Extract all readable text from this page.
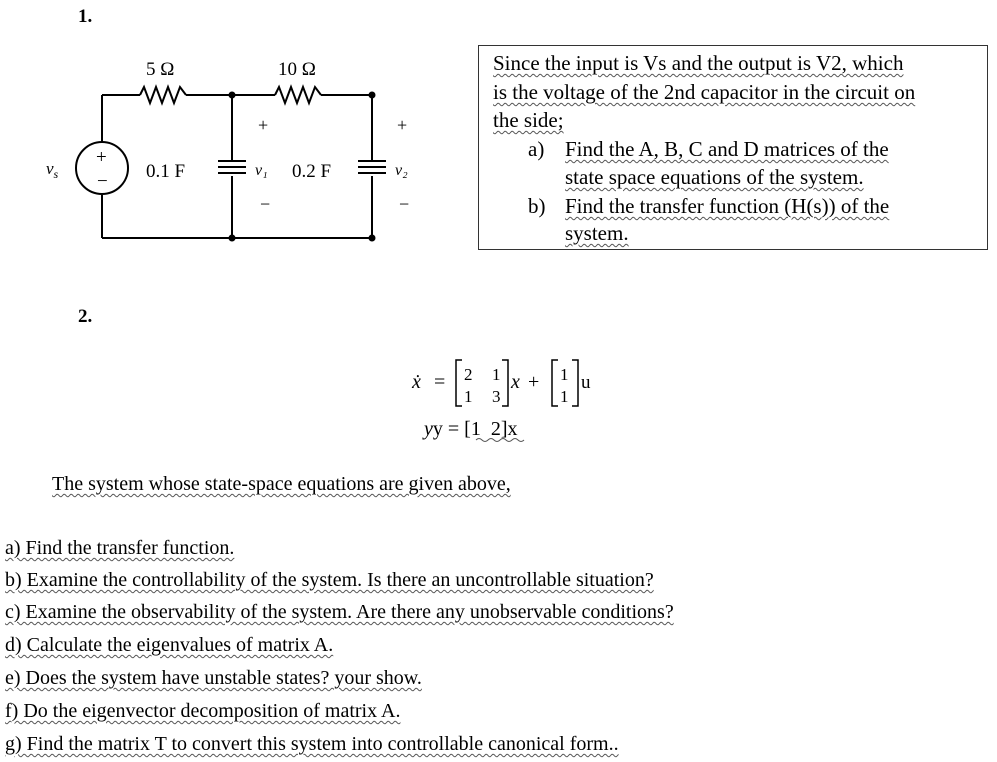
1.
5 Ω	10 Ω
0.1 F	0.2 F
+
−
$v_s$
+
−
v₁
+
−
v₂
Since the input is Vs and the output is V2, which
is the voltage of the 2nd capacitor in the circuit on
the side;
a) Find the A, B, C and D matrices of the
state space equations of the system.
b) Find the transfer function (H(s)) of the
system.
2.
ẋ = 2 1
1 3
x + 1
1
u
yy = [1 2]x
The system whose state-space equations are given above,
a) Find the transfer function.
b) Examine the controllability of the system. Is there an uncontrollable situation?
c) Examine the observability of the system. Are there any unobservable conditions?
d) Calculate the eigenvalues of matrix A.
e) Does the system have unstable states? your show.
f) Do the eigenvector decomposition of matrix A.
g) Find the matrix T to convert this system into controllable canonical form..
